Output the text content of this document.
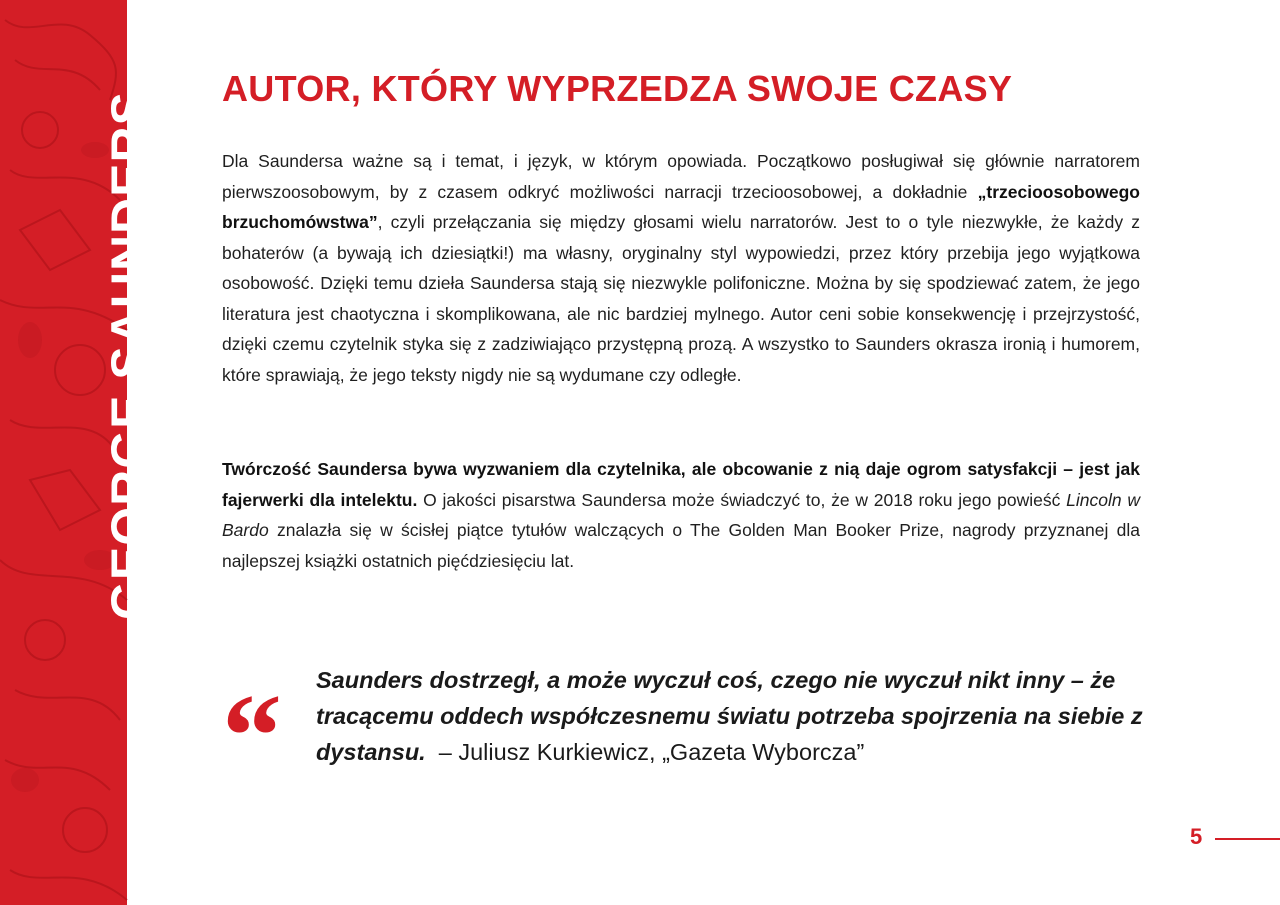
GEORGE SAUNDERS
AUTOR, KTÓRY WYPRZEDZA SWOJE CZASY

Dla Saundersa ważne są i temat, i język, w którym opowiada. Początkowo posługiwał się głównie narratorem pierwszoosobowym, by z czasem odkryć możliwości narracji trzecioosobowej, a dokładnie „trzecioosobowego brzuchomówstwa”, czyli przełączania się między głosami wielu narratorów. Jest to o tyle niezwykłe, że każdy z bohaterów (a bywają ich dziesiątki!) ma własny, oryginalny styl wypowiedzi, przez który przebija jego wyjątkowa osobowość. Dzięki temu dzieła Saundersa stają się niezwykle polifoniczne. Można by się spodziewać zatem, że jego literatura jest chaotyczna i skomplikowana, ale nic bardziej mylnego. Autor ceni sobie konsekwencję i przejrzystość, dzięki czemu czytelnik styka się z zadziwiająco przystępną prozą. A wszystko to Saunders okrasza ironią i humorem, które sprawiają, że jego teksty nigdy nie są wydumane czy odległe.

Twórczość Saundersa bywa wyzwaniem dla czytelnika, ale obcowanie z nią daje ogrom satysfakcji – jest jak fajerwerki dla intelektu. O jakości pisarstwa Saundersa może świadczyć to, że w 2018 roku jego powieść Lincoln w Bardo znalazła się w ścisłej piątce tytułów walczących o The Golden Man Booker Prize, nagrody przyznanej dla najlepszej książki ostatnich pięćdziesięciu lat.

“ Saunders dostrzegł, a może wyczuł coś, czego nie wyczuł nikt inny – że tracącemu oddech współczesnemu światu potrzeba spojrzenia na siebie z dystansu. – Juliusz Kurkiewicz, „Gazeta Wyborcza”

5
